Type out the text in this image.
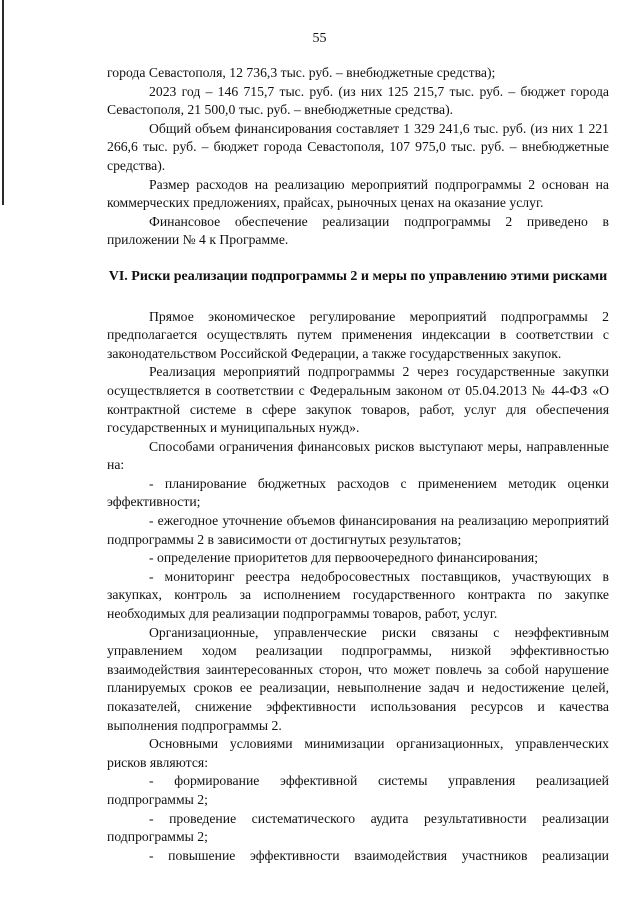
55

города Севастополя, 12 736,3 тыс. руб. – внебюджетные средства);

2023 год – 146 715,7 тыс. руб. (из них 125 215,7 тыс. руб. – бюджет города Севастополя, 21 500,0 тыс. руб. – внебюджетные средства).

Общий объем финансирования составляет 1 329 241,6 тыс. руб. (из них 1 221 266,6 тыс. руб. – бюджет города Севастополя, 107 975,0 тыс. руб. – внебюджетные средства).

Размер расходов на реализацию мероприятий подпрограммы 2 основан на коммерческих предложениях, прайсах, рыночных ценах на оказание услуг.

Финансовое обеспечение реализации подпрограммы 2 приведено в приложении № 4 к Программе.

VI. Риски реализации подпрограммы 2 и меры по управлению этими рисками

Прямое экономическое регулирование мероприятий подпрограммы 2 предполагается осуществлять путем применения индексации в соответствии с законодательством Российской Федерации, а также государственных закупок.

Реализация мероприятий подпрограммы 2 через государственные закупки осуществляется в соответствии с Федеральным законом от 05.04.2013 № 44-ФЗ «О контрактной системе в сфере закупок товаров, работ, услуг для обеспечения государственных и муниципальных нужд».

Способами ограничения финансовых рисков выступают меры, направленные на:

- планирование бюджетных расходов с применением методик оценки эффективности;

- ежегодное уточнение объемов финансирования на реализацию мероприятий подпрограммы 2 в зависимости от достигнутых результатов;

- определение приоритетов для первоочередного финансирования;

- мониторинг реестра недобросовестных поставщиков, участвующих в закупках, контроль за исполнением государственного контракта по закупке необходимых для реализации подпрограммы товаров, работ, услуг.

Организационные, управленческие риски связаны с неэффективным управлением ходом реализации подпрограммы, низкой эффективностью взаимодействия заинтересованных сторон, что может повлечь за собой нарушение планируемых сроков ее реализации, невыполнение задач и недостижение целей, показателей, снижение эффективности использования ресурсов и качества выполнения подпрограммы 2.

Основными условиями минимизации организационных, управленческих рисков являются:

- формирование эффективной системы управления реализацией подпрограммы 2;

- проведение систематического аудита результативности реализации подпрограммы 2;

- повышение эффективности взаимодействия участников реализации
